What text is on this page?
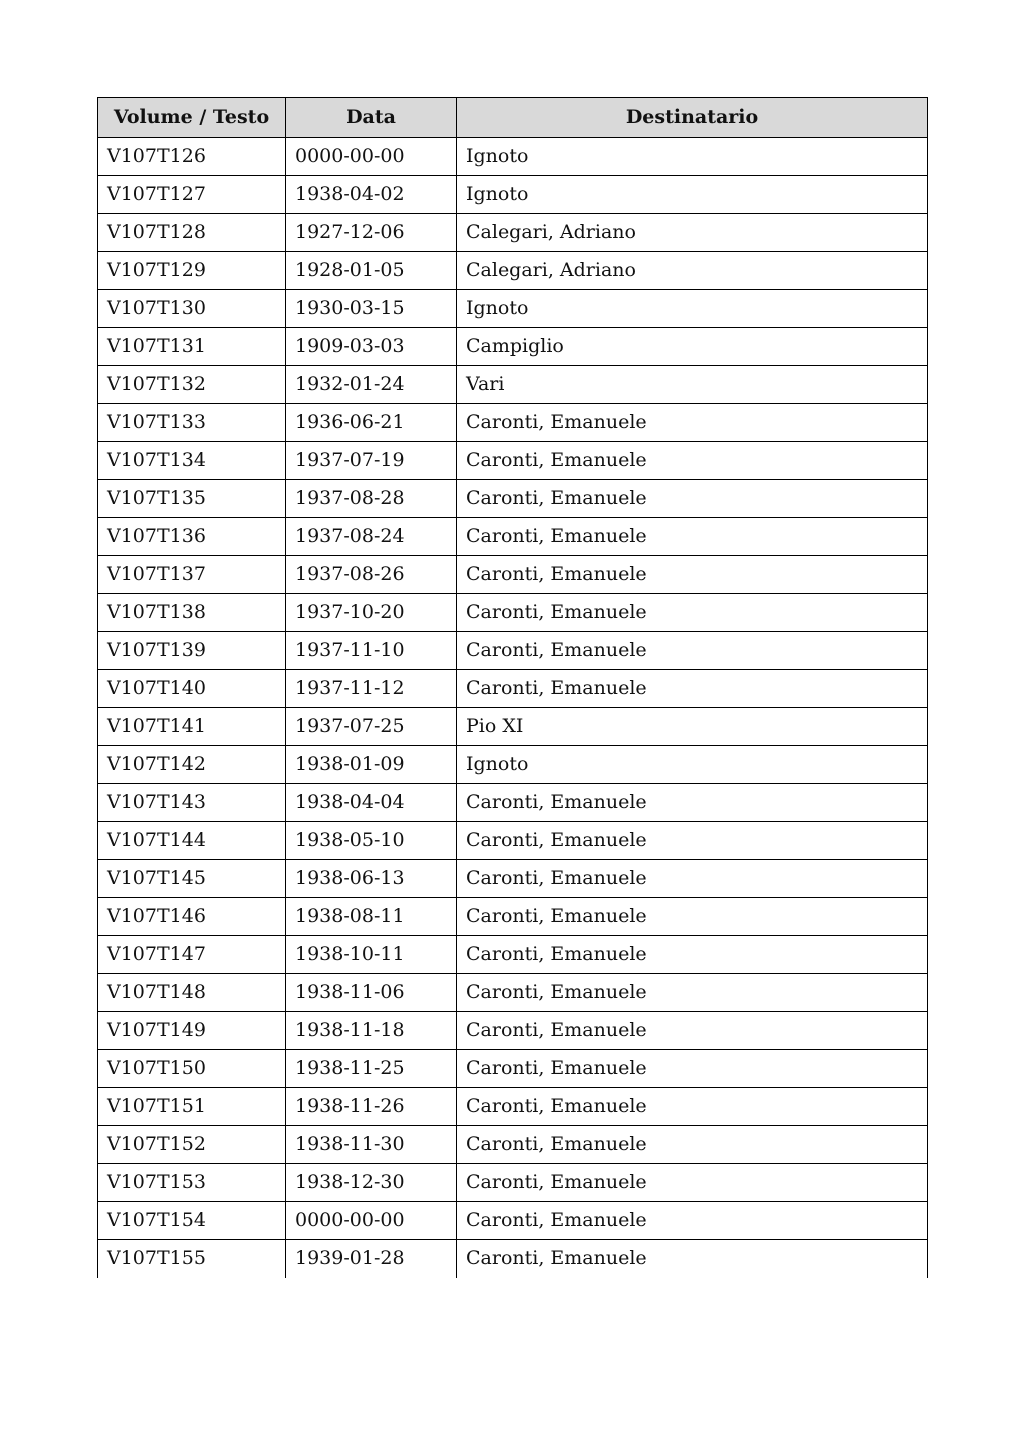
Volume / Testo	Data	Destinatario
V107T126	0000-00-00	Ignoto
V107T127	1938-04-02	Ignoto
V107T128	1927-12-06	Calegari, Adriano
V107T129	1928-01-05	Calegari, Adriano
V107T130	1930-03-15	Ignoto
V107T131	1909-03-03	Campiglio
V107T132	1932-01-24	Vari
V107T133	1936-06-21	Caronti, Emanuele
V107T134	1937-07-19	Caronti, Emanuele
V107T135	1937-08-28	Caronti, Emanuele
V107T136	1937-08-24	Caronti, Emanuele
V107T137	1937-08-26	Caronti, Emanuele
V107T138	1937-10-20	Caronti, Emanuele
V107T139	1937-11-10	Caronti, Emanuele
V107T140	1937-11-12	Caronti, Emanuele
V107T141	1937-07-25	Pio XI
V107T142	1938-01-09	Ignoto
V107T143	1938-04-04	Caronti, Emanuele
V107T144	1938-05-10	Caronti, Emanuele
V107T145	1938-06-13	Caronti, Emanuele
V107T146	1938-08-11	Caronti, Emanuele
V107T147	1938-10-11	Caronti, Emanuele
V107T148	1938-11-06	Caronti, Emanuele
V107T149	1938-11-18	Caronti, Emanuele
V107T150	1938-11-25	Caronti, Emanuele
V107T151	1938-11-26	Caronti, Emanuele
V107T152	1938-11-30	Caronti, Emanuele
V107T153	1938-12-30	Caronti, Emanuele
V107T154	0000-00-00	Caronti, Emanuele
V107T155	1939-01-28	Caronti, Emanuele
